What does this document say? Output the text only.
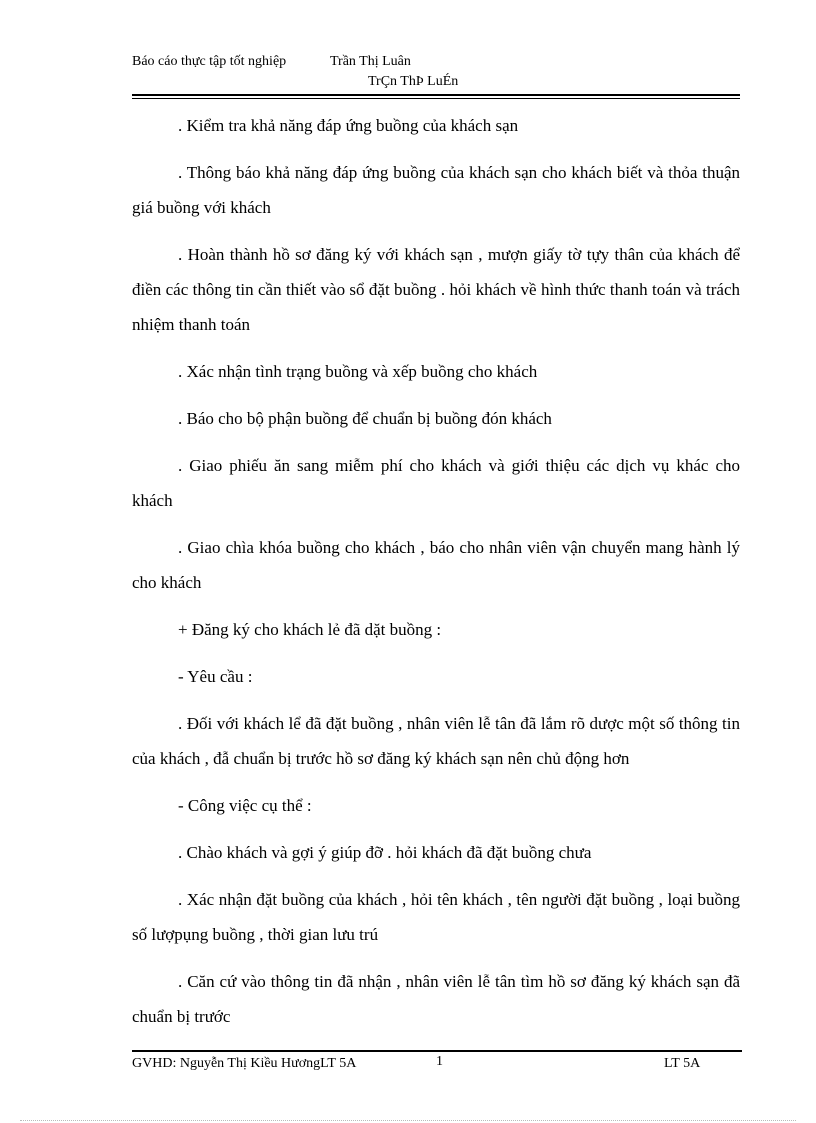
Báo cáo thực tập tốt nghiệp	Trần Thị Luân
TrÇn ThÞ LuÉn

. Kiểm tra khả năng đáp ứng buồng của khách sạn

. Thông báo khả năng đáp ứng buồng của khách sạn cho khách biết và thỏa thuận giá buồng với khách

. Hoàn thành hồ sơ đăng ký với khách sạn , mượn giấy tờ tựy thân của khách để điền các thông tin cần thiết vào sổ đặt buồng . hỏi khách về hình thức thanh toán và trách nhiệm thanh toán

. Xác nhận tình trạng buồng và xếp buồng cho khách

. Báo cho bộ phận buồng để chuẩn bị buồng đón khách

. Giao phiếu ăn sang miễm phí cho khách và giới thiệu các dịch vụ khác cho khách

. Giao chìa khóa buồng cho khách , báo cho nhân viên vận chuyển mang hành lý cho khách

+ Đăng ký cho khách lẻ đã dặt buồng :

- Yêu cầu :

. Đối với khách lể đã đặt buồng , nhân viên lễ tân đã lắm rõ dược một số thông tin của khách , đẫ chuẩn bị trước hồ sơ đăng ký khách sạn nên chủ động hơn

- Công việc cụ thể :

. Chào khách và gợi ý giúp đỡ . hỏi khách đã đặt buồng chưa

. Xác nhận đặt buồng của khách , hỏi tên khách , tên người đặt buồng , loại buồng số lượpụng buồng , thời gian lưu trú

. Căn cứ vào thông tin đã nhận , nhân viên lễ tân tìm hồ sơ đăng ký khách sạn đã chuẩn bị trước

GVHD: Nguyễn Thị Kiều HươngLT 5A	1	LT 5A
